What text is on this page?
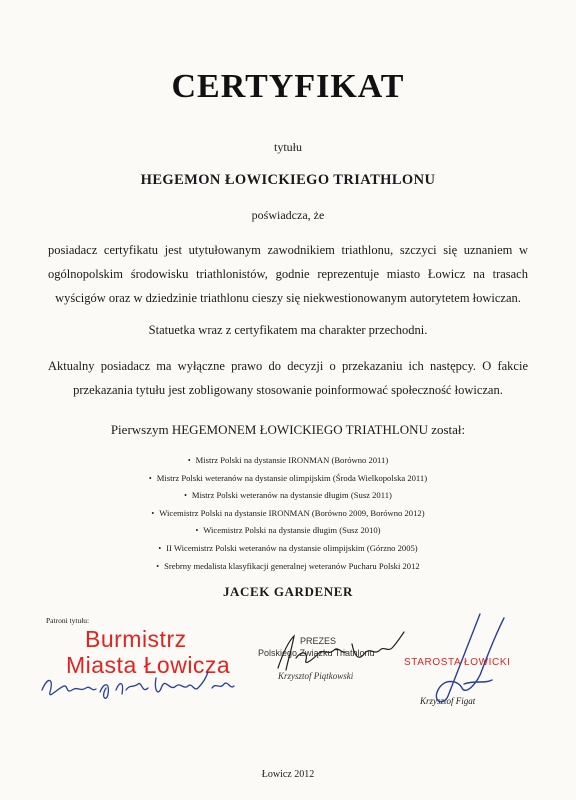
CERTYFIKAT
tytułu
HEGEMON ŁOWICKIEGO TRIATHLONU
poświadcza, że
posiadacz certyfikatu jest utytułowanym zawodnikiem triathlonu, szczyci się uznaniem w ogólnopolskim środowisku triathlonistów, godnie reprezentuje miasto Łowicz na trasach wyścigów oraz w dziedzinie triathlonu cieszy się niekwestionowanym autorytetem łowiczan.
Statuetka wraz z certyfikatem ma charakter przechodni.
Aktualny posiadacz ma wyłączne prawo do decyzji o przekazaniu ich następcy. O fakcie przekazania tytułu jest zobligowany stosowanie poinformować społeczność łowiczan.
Pierwszym HEGEMONEM ŁOWICKIEGO TRIATHLONU został:
• Mistrz Polski na dystansie IRONMAN (Borówno 2011)
• Mistrz Polski weteranów na dystansie olimpijskim (Środa Wielkopolska 2011)
• Mistrz Polski weteranów na dystansie długim (Susz 2011)
• Wicemistrz Polski na dystansie IRONMAN (Borówno 2009, Borówno 2012)
• Wicemistrz Polski na dystansie długim (Susz 2010)
• II Wicemistrz Polski weteranów na dystansie olimpijskim (Górzno 2005)
• Srebrny medalista klasyfikacji generalnej weteranów Pucharu Polski 2012
JACEK GARDENER
Patroni tytułu:
Burmistrz
Miasta Łowicza
PREZES
Polskiego Związku Triathlonu
Krzysztof Piątkowski
STAROSTA ŁOWICKI
Krzysztof Figat
Łowicz 2012
